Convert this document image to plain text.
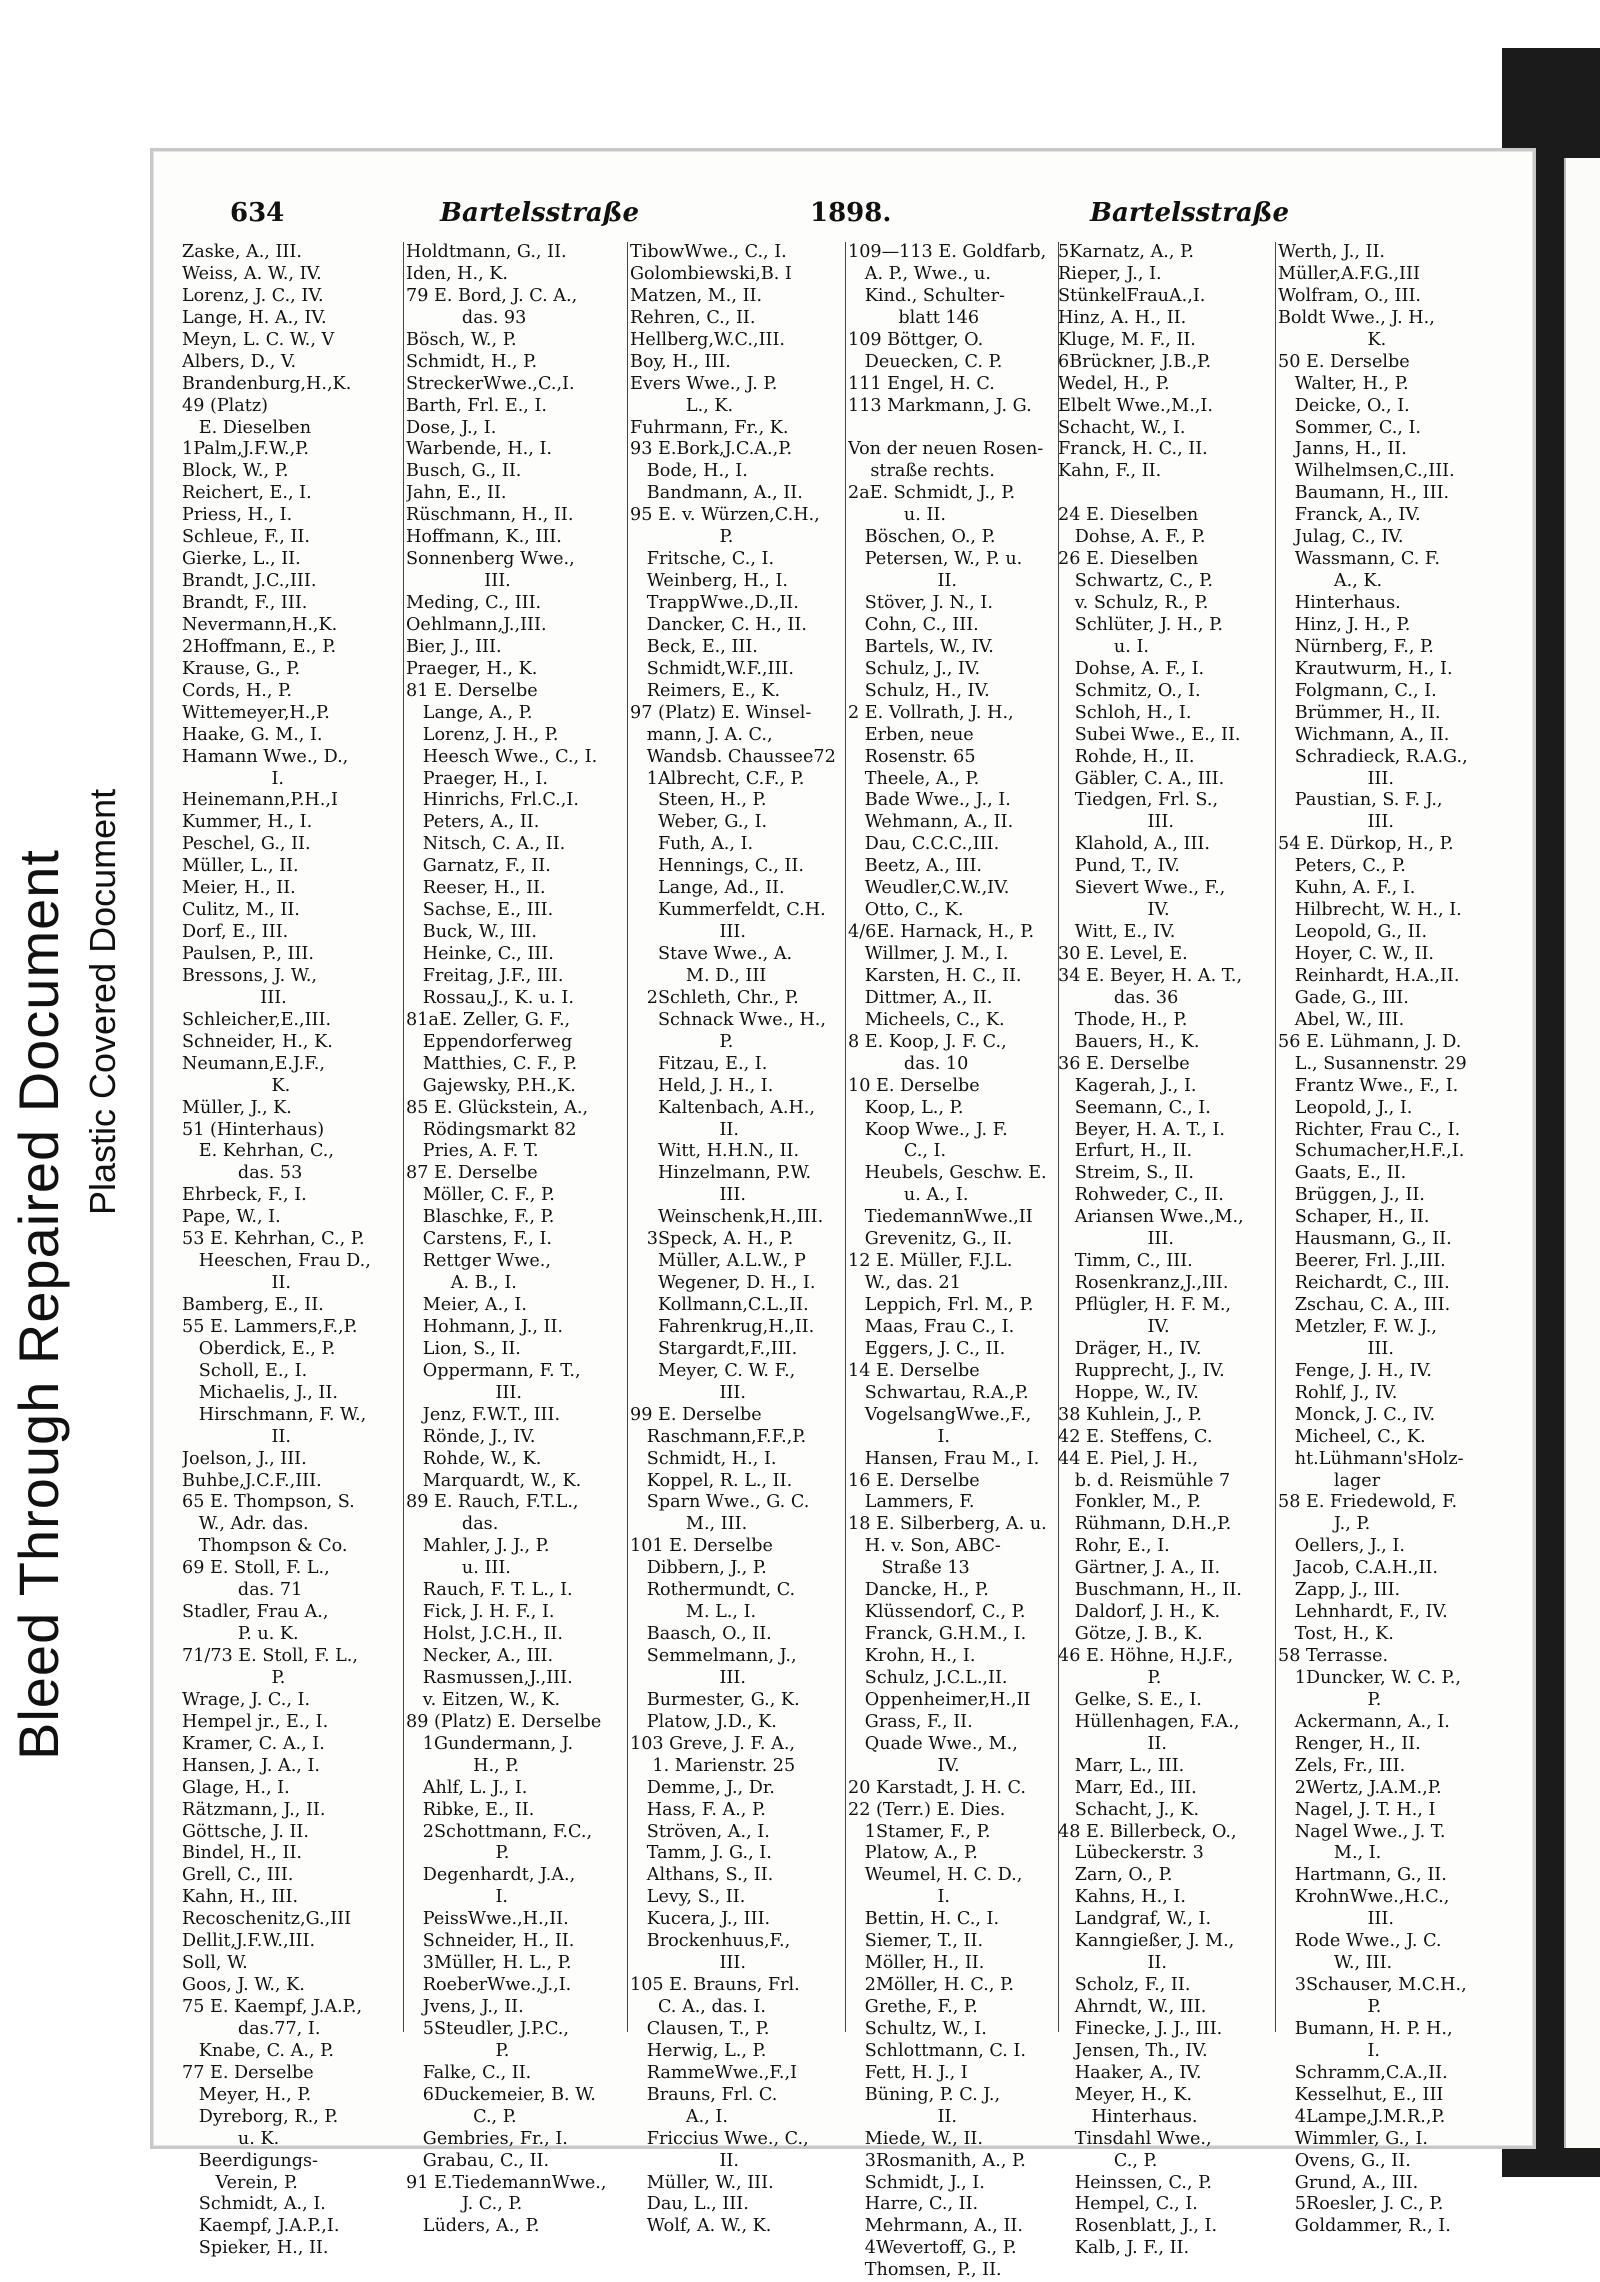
Bleed Through Repaired Document Plastic Covered Document
634	Bartelsstraße	1898.	Bartelsstraße
Zaske, A., III.
Weiss, A. W., IV.
Lorenz, J. C., IV.
Lange, H. A., IV.
Meyn, L. C. W., V
Albers, D., V.
Brandenburg,H.,K.
49 (Platz)
E. Dieselben
1Palm,J.F.W.,P.
Block, W., P.
Reichert, E., I.
Priess, H., I.
Schleue, F., II.
Gierke, L., II.
Brandt, J.C.,III.
Brandt, F., III.
Nevermann,H.,K.
2Hoffmann, E., P.
Krause, G., P.
Cords, H., P.
Wittemeyer,H.,P.
Haake, G. M., I.
Hamann Wwe., D.,
I.
Heinemann,P.H.,I
Kummer, H., I.
Peschel, G., II.
Müller, L., II.
Meier, H., II.
Culitz, M., II.
Dorf, E., III.
Paulsen, P., III.
Bressons, J. W.,
III.
Schleicher,E.,III.
Schneider, H., K.
Neumann,E.J.F.,
K.
Müller, J., K.
51 (Hinterhaus)
E. Kehrhan, C.,
das. 53
Ehrbeck, F., I.
Pape, W., I.
53 E. Kehrhan, C., P.
Heeschen, Frau D.,
II.
Bamberg, E., II.
55 E. Lammers,F.,P.
Oberdick, E., P.
Scholl, E., I.
Michaelis, J., II.
Hirschmann, F. W.,
II.
Joelson, J., III.
Buhbe,J.C.F.,III.
65 E. Thompson, S.
W., Adr. das.
Thompson & Co.
69 E. Stoll, F. L.,
das. 71
Stadler, Frau A.,
P. u. K.
71/73 E. Stoll, F. L.,
P.
Wrage, J. C., I.
Hempel jr., E., I.
Kramer, C. A., I.
Hansen, J. A., I.
Glage, H., I.
Rätzmann, J., II.
Göttsche, J. II.
Bindel, H., II.
Grell, C., III.
Kahn, H., III.
Recoschenitz,G.,III
Dellit,J.F.W.,III.
Soll, W.
Goos, J. W., K.
75 E. Kaempf, J.A.P.,
das.77, I.
Knabe, C. A., P.
77 E. Derselbe
Meyer, H., P.
Dyreborg, R., P.
u. K.
Beerdigungs-
Verein, P.
Schmidt, A., I.
Kaempf, J.A.P.,I.
Spieker, H., II.
Holdtmann, G., II.
Iden, H., K.
79 E. Bord, J. C. A.,
das. 93
Bösch, W., P.
Schmidt, H., P.
StreckerWwe.,C.,I.
Barth, Frl. E., I.
Dose, J., I.
Warbende, H., I.
Busch, G., II.
Jahn, E., II.
Rüschmann, H., II.
Hoffmann, K., III.
Sonnenberg Wwe.,
III.
Meding, C., III.
Oehlmann,J.,III.
Bier, J., III.
Praeger, H., K.
81 E. Derselbe
Lange, A., P.
Lorenz, J. H., P.
Heesch Wwe., C., I.
Praeger, H., I.
Hinrichs, Frl.C.,I.
Peters, A., II.
Nitsch, C. A., II.
Garnatz, F., II.
Reeser, H., II.
Sachse, E., III.
Buck, W., III.
Heinke, C., III.
Freitag, J.F., III.
Rossau,J., K. u. I.
81aE. Zeller, G. F.,
Eppendorferweg
Matthies, C. F., P.
Gajewsky, P.H.,K.
85 E. Glückstein, A.,
Rödingsmarkt 82
Pries, A. F. T.
87 E. Derselbe
Möller, C. F., P.
Blaschke, F., P.
Carstens, F., I.
Rettger Wwe.,
A. B., I.
Meier, A., I.
Hohmann, J., II.
Lion, S., II.
Oppermann, F. T.,
III.
Jenz, F.W.T., III.
Rönde, J., IV.
Rohde, W., K.
Marquardt, W., K.
89 E. Rauch, F.T.L.,
das.
Mahler, J. J., P.
u. III.
Rauch, F. T. L., I.
Fick, J. H. F., I.
Holst, J.C.H., II.
Necker, A., III.
Rasmussen,J.,III.
v. Eitzen, W., K.
89 (Platz) E. Derselbe
1Gundermann, J.
H., P.
Ahlf, L. J., I.
Ribke, E., II.
2Schottmann, F.C.,
P.
Degenhardt, J.A.,
I.
PeissWwe.,H.,II.
Schneider, H., II.
3Müller, H. L., P.
RoeberWwe.,J.,I.
Jvens, J., II.
5Steudler, J.P.C.,
P.
Falke, C., II.
6Duckemeier, B. W.
C., P.
Gembries, Fr., I.
Grabau, C., II.
91 E.TiedemannWwe.,
J. C., P.
Lüders, A., P.
TibowWwe., C., I.
Golombiewski,B. I
Matzen, M., II.
Rehren, C., II.
Hellberg,W.C.,III.
Boy, H., III.
Evers Wwe., J. P.
L., K.
Fuhrmann, Fr., K.
93 E.Bork,J.C.A.,P.
Bode, H., I.
Bandmann, A., II.
95 E. v. Würzen,C.H.,
P.
Fritsche, C., I.
Weinberg, H., I.
TrappWwe.,D.,II.
Dancker, C. H., II.
Beck, E., III.
Schmidt,W.F.,III.
Reimers, E., K.
97 (Platz) E. Winsel-
mann, J. A. C.,
Wandsb. Chaussee72
1Albrecht, C.F., P.
Steen, H., P.
Weber, G., I.
Futh, A., I.
Hennings, C., II.
Lange, Ad., II.
Kummerfeldt, C.H.
III.
Stave Wwe., A.
M. D., III
2Schleth, Chr., P.
Schnack Wwe., H.,
P.
Fitzau, E., I.
Held, J. H., I.
Kaltenbach, A.H.,
II.
Witt, H.H.N., II.
Hinzelmann, P.W.
III.
Weinschenk,H.,III.
3Speck, A. H., P.
Müller, A.L.W., P
Wegener, D. H., I.
Kollmann,C.L.,II.
Fahrenkrug,H.,II.
Stargardt,F.,III.
Meyer, C. W. F.,
III.
99 E. Derselbe
Raschmann,F.F.,P.
Schmidt, H., I.
Koppel, R. L., II.
Sparn Wwe., G. C.
M., III.
101 E. Derselbe
Dibbern, J., P.
Rothermundt, C.
M. L., I.
Baasch, O., II.
Semmelmann, J.,
III.
Burmester, G., K.
Platow, J.D., K.
103 Greve, J. F. A.,
1. Marienstr. 25
Demme, J., Dr.
Hass, F. A., P.
Ströven, A., I.
Tamm, J. G., I.
Althans, S., II.
Levy, S., II.
Kucera, J., III.
Brockenhuus,F.,
III.
105 E. Brauns, Frl.
C. A., das. I.
Clausen, T., P.
Herwig, L., P.
RammeWwe.,F.,I
Brauns, Frl. C.
A., I.
Friccius Wwe., C.,
II.
Müller, W., III.
Dau, L., III.
Wolf, A. W., K.
109—113 E. Goldfarb,
A. P., Wwe., u.
Kind., Schulter-
blatt 146
109 Böttger, O.
Deuecken, C. P.
111 Engel, H. C.
113 Markmann, J. G.
Von der neuen Rosen-
straße rechts.
2aE. Schmidt, J., P.
u. II.
Böschen, O., P.
Petersen, W., P. u.
II.
Stöver, J. N., I.
Cohn, C., III.
Bartels, W., IV.
Schulz, J., IV.
Schulz, H., IV.
2 E. Vollrath, J. H.,
Erben, neue
Rosenstr. 65
Theele, A., P.
Bade Wwe., J., I.
Wehmann, A., II.
Dau, C.C.C.,III.
Beetz, A., III.
Weudler,C.W.,IV.
Otto, C., K.
4/6E. Harnack, H., P.
Willmer, J. M., I.
Karsten, H. C., II.
Dittmer, A., II.
Micheels, C., K.
8 E. Koop, J. F. C.,
das. 10
10 E. Derselbe
Koop, L., P.
Koop Wwe., J. F.
C., I.
Heubels, Geschw. E.
u. A., I.
TiedemannWwe.,II
Grevenitz, G., II.
12 E. Müller, F.J.L.
W., das. 21
Leppich, Frl. M., P.
Maas, Frau C., I.
Eggers, J. C., II.
14 E. Derselbe
Schwartau, R.A.,P.
VogelsangWwe.,F.,
I.
Hansen, Frau M., I.
16 E. Derselbe
Lammers, F.
18 E. Silberberg, A. u.
H. v. Son, ABC-
Straße 13
Dancke, H., P.
Klüssendorf, C., P.
Franck, G.H.M., I.
Krohn, H., I.
Schulz, J.C.L.,II.
Oppenheimer,H.,II
Grass, F., II.
Quade Wwe., M.,
IV.
20 Karstadt, J. H. C.
22 (Terr.) E. Dies.
1Stamer, F., P.
Platow, A., P.
Weumel, H. C. D.,
I.
Bettin, H. C., I.
Siemer, T., II.
Möller, H., II.
2Möller, H. C., P.
Grethe, F., P.
Schultz, W., I.
Schlottmann, C. I.
Fett, H. J., I
Büning, P. C. J.,
II.
Miede, W., II.
3Rosmanith, A., P.
Schmidt, J., I.
Harre, C., II.
Mehrmann, A., II.
4Wevertoff, G., P.
Thomsen, P., II.
5Karnatz, A., P.
Rieper, J., I.
StünkelFrauA.,I.
Hinz, A. H., II.
Kluge, M. F., II.
6Brückner, J.B.,P.
Wedel, H., P.
Elbelt Wwe.,M.,I.
Schacht, W., I.
Franck, H. C., II.
Kahn, F., II.
24 E. Dieselben
Dohse, A. F., P.
26 E. Dieselben
Schwartz, C., P.
v. Schulz, R., P.
Schlüter, J. H., P.
u. I.
Dohse, A. F., I.
Schmitz, O., I.
Schloh, H., I.
Subei Wwe., E., II.
Rohde, H., II.
Gäbler, C. A., III.
Tiedgen, Frl. S.,
III.
Klahold, A., III.
Pund, T., IV.
Sievert Wwe., F.,
IV.
Witt, E., IV.
30 E. Level, E.
34 E. Beyer, H. A. T.,
das. 36
Thode, H., P.
Bauers, H., K.
36 E. Derselbe
Kagerah, J., I.
Seemann, C., I.
Beyer, H. A. T., I.
Erfurt, H., II.
Streim, S., II.
Rohweder, C., II.
Ariansen Wwe.,M.,
III.
Timm, C., III.
Rosenkranz,J.,III.
Pflügler, H. F. M.,
IV.
Dräger, H., IV.
Rupprecht, J., IV.
Hoppe, W., IV.
38 Kuhlein, J., P.
42 E. Steffens, C.
44 E. Piel, J. H.,
b. d. Reismühle 7
Fonkler, M., P.
Rühmann, D.H.,P.
Rohr, E., I.
Gärtner, J. A., II.
Buschmann, H., II.
Daldorf, J. H., K.
Götze, J. B., K.
46 E. Höhne, H.J.F.,
P.
Gelke, S. E., I.
Hüllenhagen, F.A.,
II.
Marr, L., III.
Marr, Ed., III.
Schacht, J., K.
48 E. Billerbeck, O.,
Lübeckerstr. 3
Zarn, O., P.
Kahns, H., I.
Landgraf, W., I.
Kanngießer, J. M.,
II.
Scholz, F., II.
Ahrndt, W., III.
Finecke, J. J., III.
Jensen, Th., IV.
Haaker, A., IV.
Meyer, H., K.
Hinterhaus.
Tinsdahl Wwe.,
C., P.
Heinssen, C., P.
Hempel, C., I.
Rosenblatt, J., I.
Kalb, J. F., II.
Werth, J., II.
Müller,A.F.G.,III
Wolfram, O., III.
Boldt Wwe., J. H.,
K.
50 E. Derselbe
Walter, H., P.
Deicke, O., I.
Sommer, C., I.
Janns, H., II.
Wilhelmsen,C.,III.
Baumann, H., III.
Franck, A., IV.
Julag, C., IV.
Wassmann, C. F.
A., K.
Hinterhaus.
Hinz, J. H., P.
Nürnberg, F., P.
Krautwurm, H., I.
Folgmann, C., I.
Brümmer, H., II.
Wichmann, A., II.
Schradieck, R.A.G.,
III.
Paustian, S. F. J.,
III.
54 E. Dürkop, H., P.
Peters, C., P.
Kuhn, A. F., I.
Hilbrecht, W. H., I.
Leopold, G., II.
Hoyer, C. W., II.
Reinhardt, H.A.,II.
Gade, G., III.
Abel, W., III.
56 E. Lühmann, J. D.
L., Susannenstr. 29
Frantz Wwe., F., I.
Leopold, J., I.
Richter, Frau C., I.
Schumacher,H.F.,I.
Gaats, E., II.
Brüggen, J., II.
Schaper, H., II.
Hausmann, G., II.
Beerer, Frl. J.,III.
Reichardt, C., III.
Zschau, C. A., III.
Metzler, F. W. J.,
III.
Fenge, J. H., IV.
Rohlf, J., IV.
Monck, J. C., IV.
Micheel, C., K.
ht.Lühmann'sHolz-
lager
58 E. Friedewold, F.
J., P.
Oellers, J., I.
Jacob, C.A.H.,II.
Zapp, J., III.
Lehnhardt, F., IV.
Tost, H., K.
58 Terrasse.
1Duncker, W. C. P.,
P.
Ackermann, A., I.
Renger, H., II.
Zels, Fr., III.
2Wertz, J.A.M.,P.
Nagel, J. T. H., I
Nagel Wwe., J. T.
M., I.
Hartmann, G., II.
KrohnWwe.,H.C.,
III.
Rode Wwe., J. C.
W., III.
3Schauser, M.C.H.,
P.
Bumann, H. P. H.,
I.
Schramm,C.A.,II.
Kesselhut, E., III
4Lampe,J.M.R.,P.
Wimmler, G., I.
Ovens, G., II.
Grund, A., III.
5Roesler, J. C., P.
Goldammer, R., I.
